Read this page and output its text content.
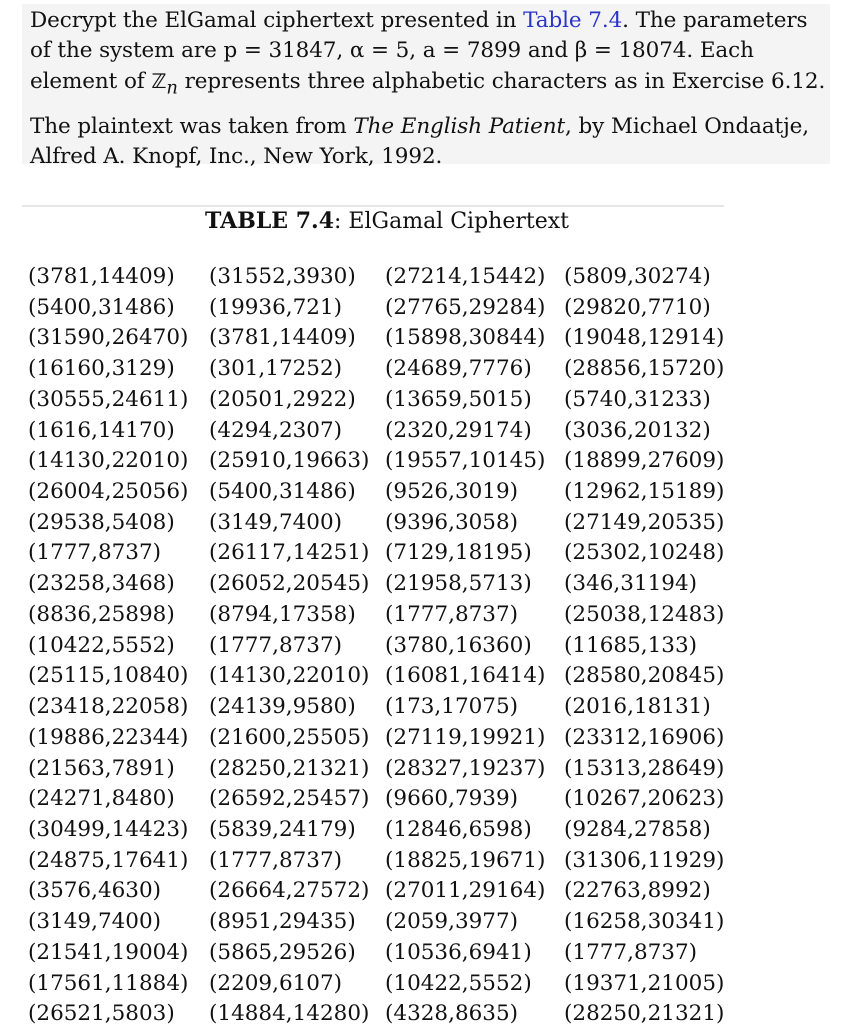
Decrypt the ElGamal ciphertext presented in Table 7.4. The parameters of the system are p = 31847, α = 5, a = 7899 and β = 18074. Each element of ℤ$_n$ represents three alphabetic characters as in Exercise 6.12.

The plaintext was taken from The English Patient, by Michael Ondaatje, Alfred A. Knopf, Inc., New York, 1992.

TABLE 7.4: ElGamal Ciphertext
(3781,14409)	(31552,3930)	(27214,15442)	(5809,30274)
(5400,31486)	(19936,721)	(27765,29284)	(29820,7710)
(31590,26470)	(3781,14409)	(15898,30844)	(19048,12914)
(16160,3129)	(301,17252)	(24689,7776)	(28856,15720)
(30555,24611)	(20501,2922)	(13659,5015)	(5740,31233)
(1616,14170)	(4294,2307)	(2320,29174)	(3036,20132)
(14130,22010)	(25910,19663)	(19557,10145)	(18899,27609)
(26004,25056)	(5400,31486)	(9526,3019)	(12962,15189)
(29538,5408)	(3149,7400)	(9396,3058)	(27149,20535)
(1777,8737)	(26117,14251)	(7129,18195)	(25302,10248)
(23258,3468)	(26052,20545)	(21958,5713)	(346,31194)
(8836,25898)	(8794,17358)	(1777,8737)	(25038,12483)
(10422,5552)	(1777,8737)	(3780,16360)	(11685,133)
(25115,10840)	(14130,22010)	(16081,16414)	(28580,20845)
(23418,22058)	(24139,9580)	(173,17075)	(2016,18131)
(19886,22344)	(21600,25505)	(27119,19921)	(23312,16906)
(21563,7891)	(28250,21321)	(28327,19237)	(15313,28649)
(24271,8480)	(26592,25457)	(9660,7939)	(10267,20623)
(30499,14423)	(5839,24179)	(12846,6598)	(9284,27858)
(24875,17641)	(1777,8737)	(18825,19671)	(31306,11929)
(3576,4630)	(26664,27572)	(27011,29164)	(22763,8992)
(3149,7400)	(8951,29435)	(2059,3977)	(16258,30341)
(21541,19004)	(5865,29526)	(10536,6941)	(1777,8737)
(17561,11884)	(2209,6107)	(10422,5552)	(19371,21005)
(26521,5803)	(14884,14280)	(4328,8635)	(28250,21321)
